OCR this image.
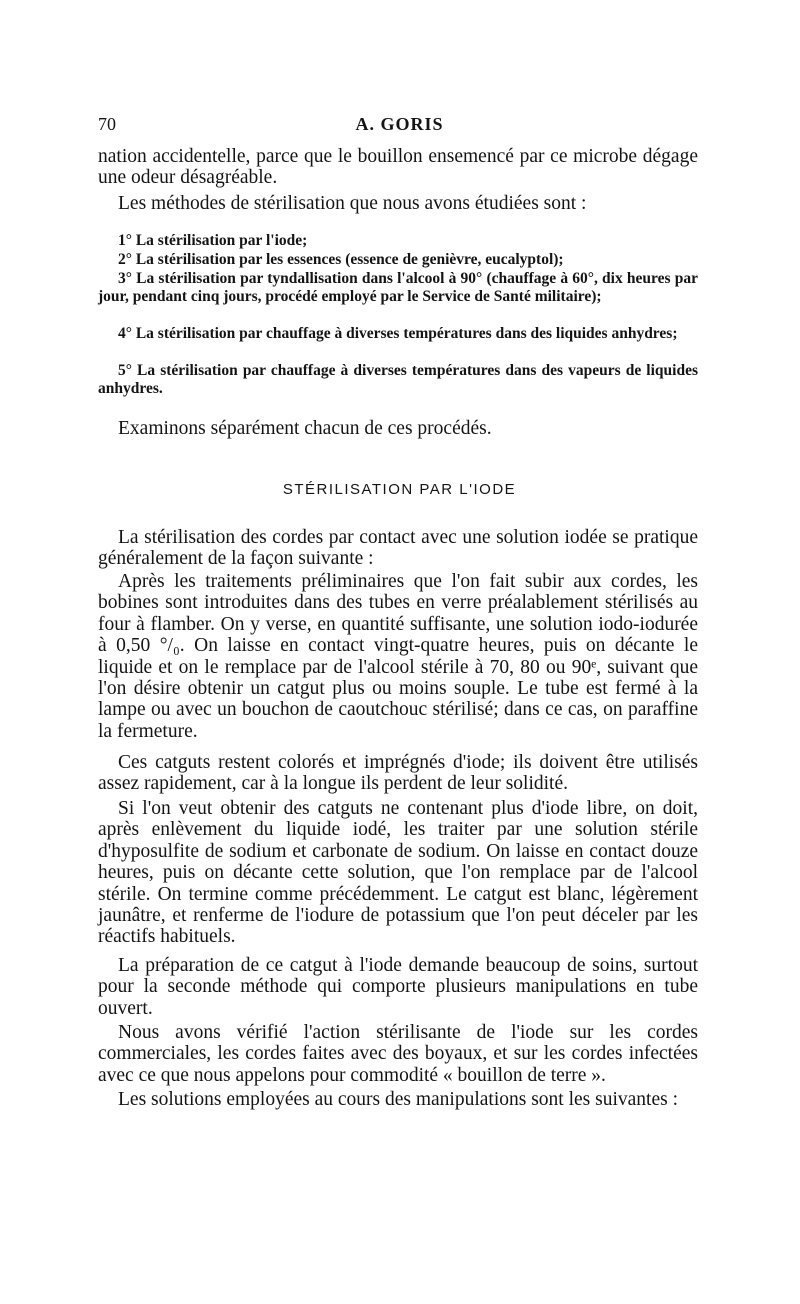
70	A. GORIS

nation accidentelle, parce que le bouillon ensemencé par ce microbe dégage une odeur désagréable.

Les méthodes de stérilisation que nous avons étudiées sont :

1° La stérilisation par l'iode;

2° La stérilisation par les essences (essence de genièvre, eucalyptol);

3° La stérilisation par tyndallisation dans l'alcool à 90° (chauffage à 60°, dix heures par jour, pendant cinq jours, procédé employé par le Service de Santé militaire);

4° La stérilisation par chauffage à diverses températures dans des liquides anhydres;

5° La stérilisation par chauffage à diverses températures dans des vapeurs de liquides anhydres.

Examinons séparément chacun de ces procédés.

STÉRILISATION PAR L'IODE

La stérilisation des cordes par contact avec une solution iodée se pratique généralement de la façon suivante :

Après les traitements préliminaires que l'on fait subir aux cordes, les bobines sont introduites dans des tubes en verre préalablement stérilisés au four à flamber. On y verse, en quantité suffisante, une solution iodo-iodurée à 0,50 °/₀. On laisse en contact vingt-quatre heures, puis on décante le liquide et on le remplace par de l'alcool stérile à 70, 80 ou 90ᵉ, suivant que l'on désire obtenir un catgut plus ou moins souple. Le tube est fermé à la lampe ou avec un bouchon de caoutchouc stérilisé; dans ce cas, on paraffine la fermeture.

Ces catguts restent colorés et imprégnés d'iode; ils doivent être utilisés assez rapidement, car à la longue ils perdent de leur solidité.

Si l'on veut obtenir des catguts ne contenant plus d'iode libre, on doit, après enlèvement du liquide iodé, les traiter par une solution stérile d'hyposulfite de sodium et carbonate de sodium. On laisse en contact douze heures, puis on décante cette solution, que l'on remplace par de l'alcool stérile. On termine comme précédemment. Le catgut est blanc, légèrement jaunâtre, et renferme de l'iodure de potassium que l'on peut déceler par les réactifs habituels.

La préparation de ce catgut à l'iode demande beaucoup de soins, surtout pour la seconde méthode qui comporte plusieurs manipulations en tube ouvert.

Nous avons vérifié l'action stérilisante de l'iode sur les cordes commerciales, les cordes faites avec des boyaux, et sur les cordes infectées avec ce que nous appelons pour commodité « bouillon de terre ».

Les solutions employées au cours des manipulations sont les suivantes :
